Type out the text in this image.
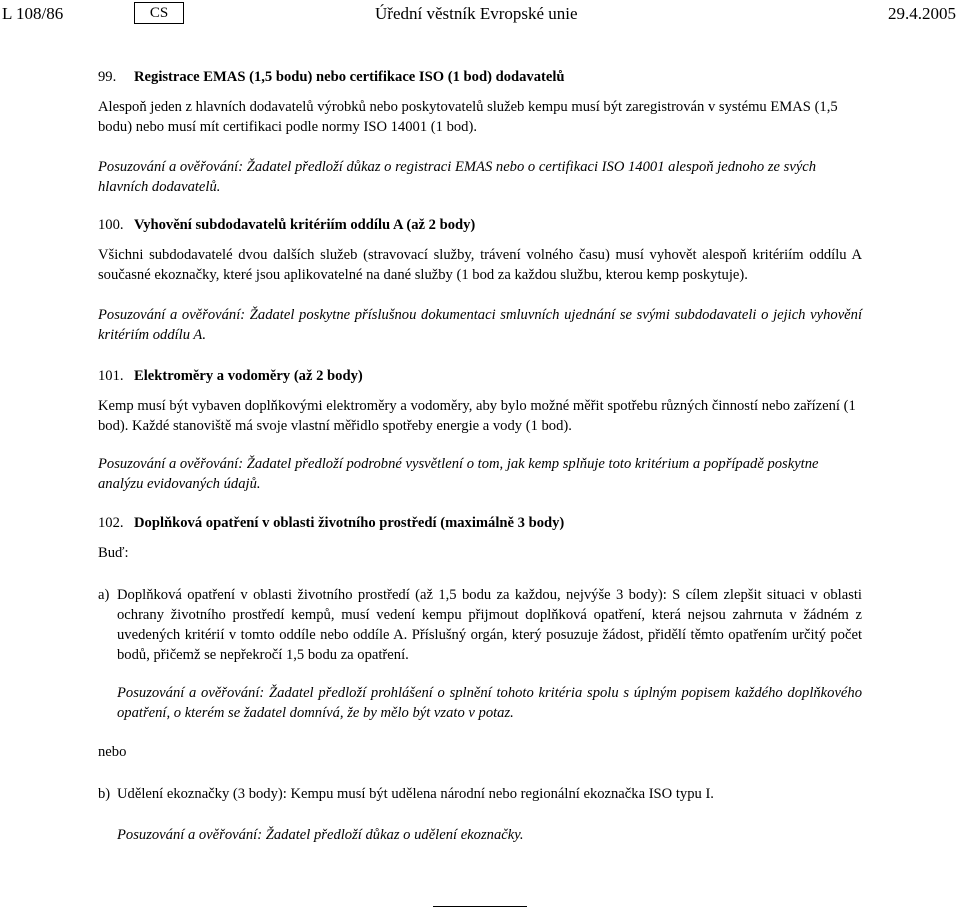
L 108/86	CS	Úřední věstník Evropské unie	29.4.2005

99. Registrace EMAS (1,5 bodu) nebo certifikace ISO (1 bod) dodavatelů

Alespoň jeden z hlavních dodavatelů výrobků nebo poskytovatelů služeb kempu musí být zaregistrován v systému EMAS (1,5 bodu) nebo musí mít certifikaci podle normy ISO 14001 (1 bod).

Posuzování a ověřování: Žadatel předloží důkaz o registraci EMAS nebo o certifikaci ISO 14001 alespoň jednoho ze svých hlavních dodavatelů.

100. Vyhovění subdodavatelů kritériím oddílu A (až 2 body)

Všichni subdodavatelé dvou dalších služeb (stravovací služby, trávení volného času) musí vyhovět alespoň kritériím oddílu A současné ekoznačky, které jsou aplikovatelné na dané služby (1 bod za každou službu, kterou kemp poskytuje).

Posuzování a ověřování: Žadatel poskytne příslušnou dokumentaci smluvních ujednání se svými subdodavateli o jejich vyhovění kritériím oddílu A.

101. Elektroměry a vodoměry (až 2 body)

Kemp musí být vybaven doplňkovými elektroměry a vodoměry, aby bylo možné měřit spotřebu různých činností nebo zařízení (1 bod). Každé stanoviště má svoje vlastní měřidlo spotřeby energie a vody (1 bod).

Posuzování a ověřování: Žadatel předloží podrobné vysvětlení o tom, jak kemp splňuje toto kritérium a popřípadě poskytne analýzu evidovaných údajů.

102. Doplňková opatření v oblasti životního prostředí (maximálně 3 body)

Buď:

a) Doplňková opatření v oblasti životního prostředí (až 1,5 bodu za každou, nejvýše 3 body): S cílem zlepšit situaci v oblasti ochrany životního prostředí kempů, musí vedení kempu přijmout doplňková opatření, která nejsou zahrnuta v žádném z uvedených kritérií v tomto oddíle nebo oddíle A. Příslušný orgán, který posuzuje žádost, přidělí těmto opatřením určitý počet bodů, přičemž se nepřekročí 1,5 bodu za opatření.

Posuzování a ověřování: Žadatel předloží prohlášení o splnění tohoto kritéria spolu s úplným popisem každého doplňkového opatření, o kterém se žadatel domnívá, že by mělo být vzato v potaz.

nebo

b) Udělení ekoznačky (3 body): Kempu musí být udělena národní nebo regionální ekoznačka ISO typu I.

Posuzování a ověřování: Žadatel předloží důkaz o udělení ekoznačky.
